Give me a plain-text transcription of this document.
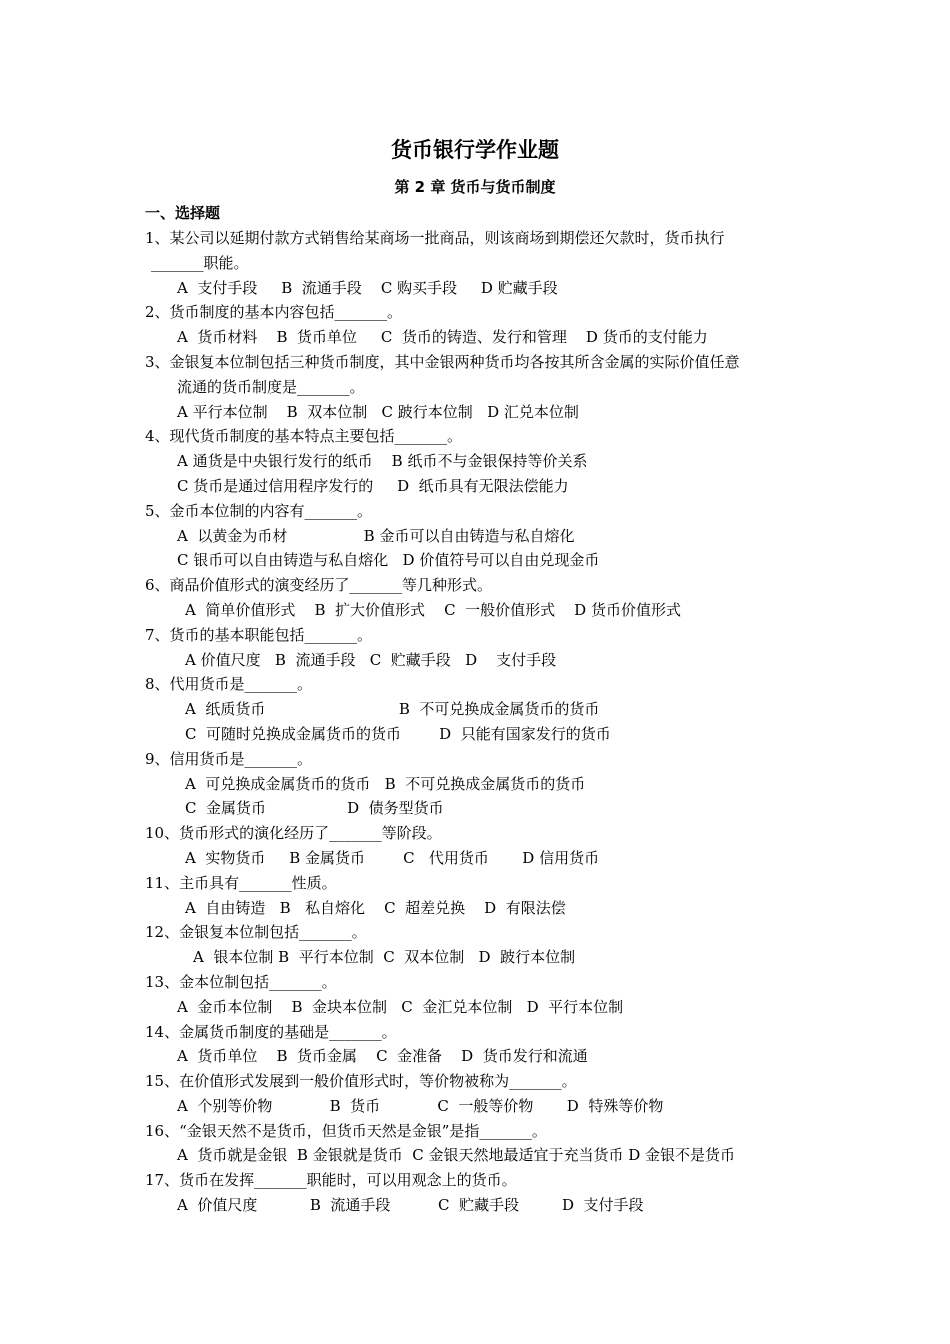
货币银行学作业题
第 2 章 货币与货币制度
一、选择题
1、某公司以延期付款方式销售给某商场一批商品，则该商场到期偿还欠款时，货币执行
_______职能。
A  支付手段     B  流通手段    C 购买手段     D 贮藏手段
2、货币制度的基本内容包括_______。
A  货币材料    B  货币单位     C  货币的铸造、发行和管理    D 货币的支付能力
3、金银复本位制包括三种货币制度，其中金银两种货币均各按其所含金属的实际价值任意
流通的货币制度是_______。
A 平行本位制    B  双本位制   C 跛行本位制   D 汇兑本位制
4、现代货币制度的基本特点主要包括_______。
A 通货是中央银行发行的纸币    B 纸币不与金银保持等价关系
C 货币是通过信用程序发行的     D  纸币具有无限法偿能力
5、金币本位制的内容有_______。
A  以黄金为币材                B 金币可以自由铸造与私自熔化
C 银币可以自由铸造与私自熔化   D 价值符号可以自由兑现金币
6、商品价值形式的演变经历了_______等几种形式。
A  简单价值形式    B  扩大价值形式    C  一般价值形式    D 货币价值形式
7、货币的基本职能包括_______。
A 价值尺度   B  流通手段   C  贮藏手段   D    支付手段
8、代用货币是_______。
A  纸质货币                            B  不可兑换成金属货币的货币
C  可随时兑换成金属货币的货币        D  只能有国家发行的货币
9、信用货币是_______。
A  可兑换成金属货币的货币   B  不可兑换成金属货币的货币
C  金属货币                 D  债务型货币
10、货币形式的演化经历了_______等阶段。
A  实物货币     B 金属货币        C   代用货币       D 信用货币
11、主币具有_______性质。
A  自由铸造   B   私自熔化    C  超差兑换    D  有限法偿
12、金银复本位制包括_______。
A  银本位制 B  平行本位制  C  双本位制   D  跛行本位制
13、金本位制包括_______。
A  金币本位制    B  金块本位制   C  金汇兑本位制   D  平行本位制
14、金属货币制度的基础是_______。
A  货币单位    B  货币金属    C  金准备    D  货币发行和流通
15、在价值形式发展到一般价值形式时，等价物被称为_______。
A  个别等价物            B  货币            C  一般等价物       D  特殊等价物
16、“金银天然不是货币，但货币天然是金银”是指_______。
A  货币就是金银  B 金银就是货币  C 金银天然地最适宜于充当货币 D 金银不是货币
17、货币在发挥_______职能时，可以用观念上的货币。
A  价值尺度           B  流通手段          C  贮藏手段         D  支付手段
